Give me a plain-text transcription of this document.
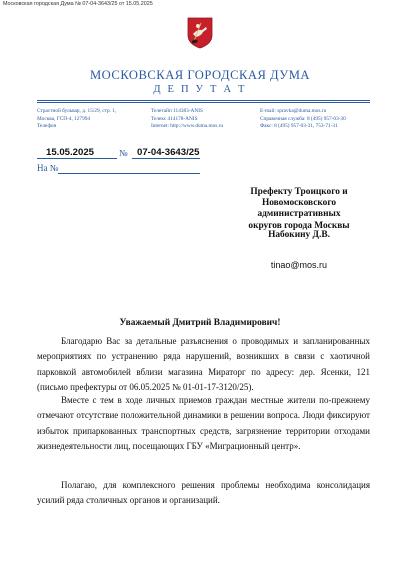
Московская городская Дума № 07-04-3643/25 от 15.05.2025
МОСКОВСКАЯ ГОРОДСКАЯ ДУМА
Д Е П У Т А Т
Страстной бульвар, д. 15/29, стр. 1,
Москва, ГСП-4, 127994
Телефон
Телетайп 114383-ANIS
Телекс 414178-ANIS
Internet: http://www.duma.mos.ru
E-mail: spravka@duma.mos.ru
Справочная служба: 8 (495) 957-03-30
Факс: 8 (495) 957-03-31, 753-71-31
15.05.2025	№ 07-04-3643/25
На №
Префекту Троицкого и
Новомосковского административных
округов города Москвы
Набокину Д.В.
tinao@mos.ru
Уважаемый Дмитрий Владимирович!
Благодарю Вас за детальные разъяснения о проводимых и запланированных мероприятиях по устранению ряда нарушений, возникших в связи с хаотичной парковкой автомобилей вблизи магазина Мираторг по адресу: дер. Ясенки, 121 (письмо префектуры от 06.05.2025 № 01-01-17-3120/25).
Вместе с тем в ходе личных приемов граждан местные жители по-прежнему отмечают отсутствие положительной динамики в решении вопроса. Люди фиксируют избыток припаркованных транспортных средств, загрязнение территории отходами жизнедеятельности лиц, посещающих ГБУ «Миграционный центр».
Полагаю, для комплексного решения проблемы необходима консолидация усилий ряда столичных органов и организаций.
